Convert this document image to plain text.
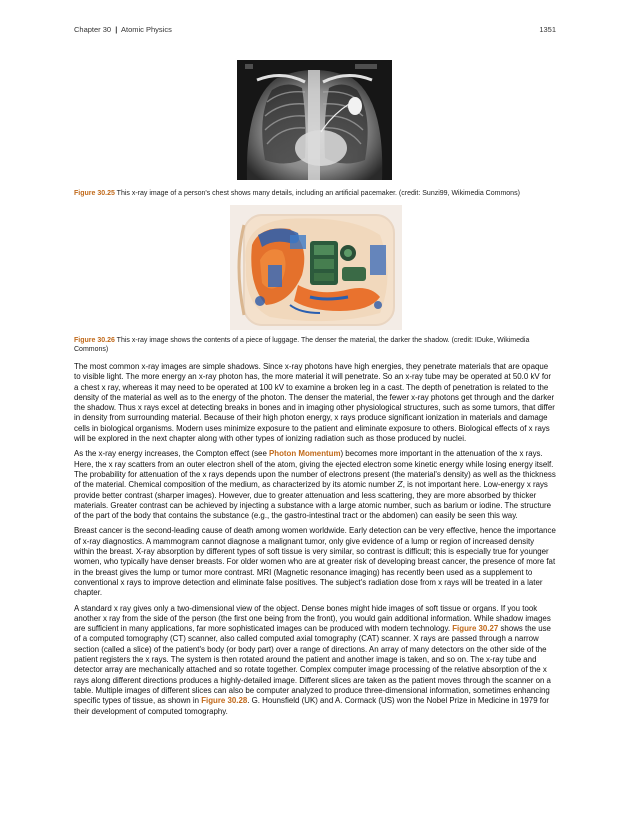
Chapter 30 | Atomic Physics	1351
Figure 30.25 This x-ray image of a person's chest shows many details, including an artificial pacemaker. (credit: Sunzi99, Wikimedia Commons)
Figure 30.26 This x-ray image shows the contents of a piece of luggage. The denser the material, the darker the shadow. (credit: IDuke, Wikimedia Commons)

The most common x-ray images are simple shadows. Since x-ray photons have high energies, they penetrate materials that are opaque to visible light. The more energy an x-ray photon has, the more material it will penetrate. So an x-ray tube may be operated at 50.0 kV for a chest x ray, whereas it may need to be operated at 100 kV to examine a broken leg in a cast. The depth of penetration is related to the density of the material as well as to the energy of the photon. The denser the material, the fewer x-ray photons get through and the darker the shadow. Thus x rays excel at detecting breaks in bones and in imaging other physiological structures, such as some tumors, that differ in density from surrounding material. Because of their high photon energy, x rays produce significant ionization in materials and damage cells in biological organisms. Modern uses minimize exposure to the patient and eliminate exposure to others. Biological effects of x rays will be explored in the next chapter along with other types of ionizing radiation such as those produced by nuclei.

As the x-ray energy increases, the Compton effect (see Photon Momentum) becomes more important in the attenuation of the x rays. Here, the x ray scatters from an outer electron shell of the atom, giving the ejected electron some kinetic energy while losing energy itself. The probability for attenuation of the x rays depends upon the number of electrons present (the material's density) as well as the thickness of the material. Chemical composition of the medium, as characterized by its atomic number Z, is not important here. Low-energy x rays provide better contrast (sharper images). However, due to greater attenuation and less scattering, they are more absorbed by thicker materials. Greater contrast can be achieved by injecting a substance with a large atomic number, such as barium or iodine. The structure of the part of the body that contains the substance (e.g., the gastro-intestinal tract or the abdomen) can easily be seen this way.

Breast cancer is the second-leading cause of death among women worldwide. Early detection can be very effective, hence the importance of x-ray diagnostics. A mammogram cannot diagnose a malignant tumor, only give evidence of a lump or region of increased density within the breast. X-ray absorption by different types of soft tissue is very similar, so contrast is difficult; this is especially true for younger women, who typically have denser breasts. For older women who are at greater risk of developing breast cancer, the presence of more fat in the breast gives the lump or tumor more contrast. MRI (Magnetic resonance imaging) has recently been used as a supplement to conventional x rays to improve detection and eliminate false positives. The subject's radiation dose from x rays will be treated in a later chapter.

A standard x ray gives only a two-dimensional view of the object. Dense bones might hide images of soft tissue or organs. If you took another x ray from the side of the person (the first one being from the front), you would gain additional information. While shadow images are sufficient in many applications, far more sophisticated images can be produced with modern technology. Figure 30.27 shows the use of a computed tomography (CT) scanner, also called computed axial tomography (CAT) scanner. X rays are passed through a narrow section (called a slice) of the patient's body (or body part) over a range of directions. An array of many detectors on the other side of the patient registers the x rays. The system is then rotated around the patient and another image is taken, and so on. The x-ray tube and detector array are mechanically attached and so rotate together. Complex computer image processing of the relative absorption of the x rays along different directions produces a highly-detailed image. Different slices are taken as the patient moves through the scanner on a table. Multiple images of different slices can also be computer analyzed to produce three-dimensional information, sometimes enhancing specific types of tissue, as shown in Figure 30.28. G. Hounsfield (UK) and A. Cormack (US) won the Nobel Prize in Medicine in 1979 for their development of computed tomography.
